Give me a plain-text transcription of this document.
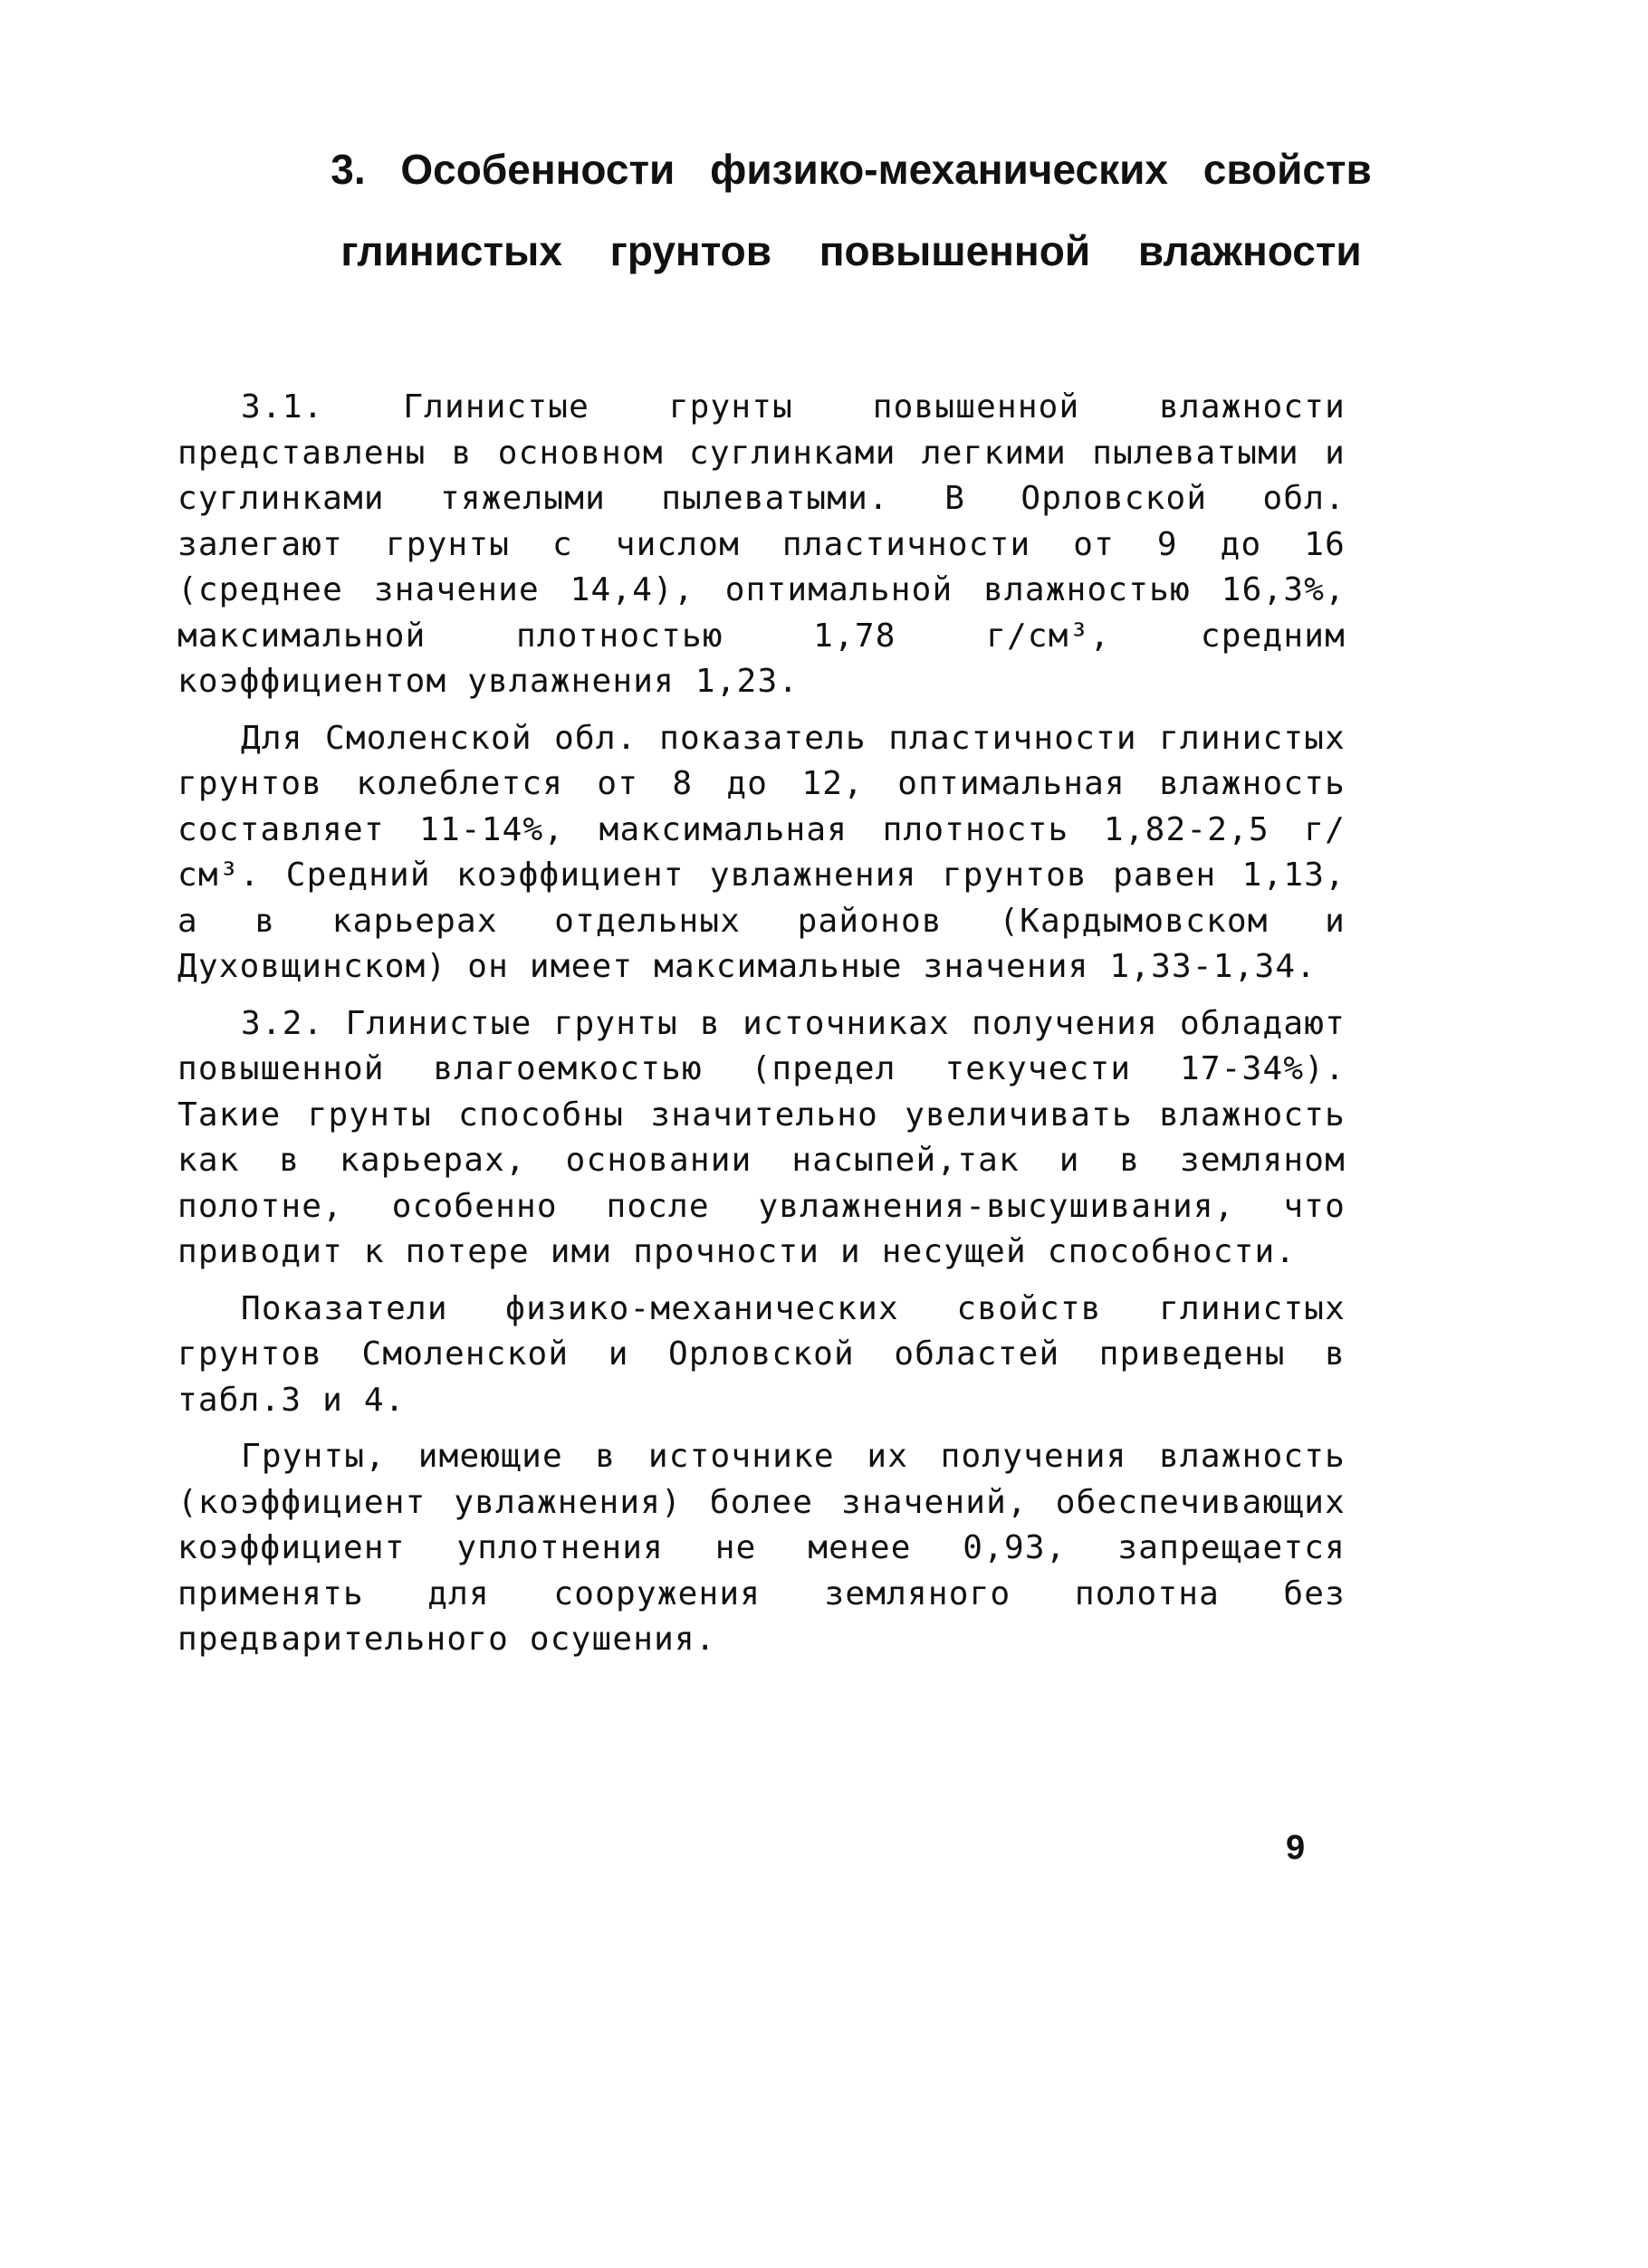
3. Особенности физико-механических свойств
глинистых грунтов повышенной влажности

3.1. Глинистые грунты повышенной влажности представлены в основном суглинками легкими пылеватыми и суглинками тяжелыми пылеватыми. В Орловской обл. залегают грунты с числом пластичности от 9 до 16 (среднее значение 14,4), оптимальной влажностью 16,3%, максимальной плотностью 1,78 г/см³, средним коэффициентом увлажнения 1,23.

Для Смоленской обл. показатель пластичности глинистых грунтов колеблется от 8 до 12, оптимальная влажность составляет 11-14%, максимальная плотность 1,82-2,5 г/см³. Средний коэффициент увлажнения грунтов равен 1,13, а в карьерах отдельных районов (Кардымовском и Духовщинском) он имеет максимальные значения 1,33-1,34.

3.2. Глинистые грунты в источниках получения обладают повышенной влагоемкостью (предел текучести 17-34%). Такие грунты способны значительно увеличивать влажность как в карьерах, основании насыпей,так и в земляном полотне, особенно после увлажнения-высушивания, что приводит к потере ими прочности и несущей способности.

Показатели физико-механических свойств глинистых грунтов Смоленской и Орловской областей приведены в табл.3 и 4.

Грунты, имеющие в источнике их получения влажность (коэффициент увлажнения) более значений, обеспечивающих коэффициент уплотнения не менее 0,93, запрещается применять для сооружения земляного полотна без предварительного осушения.

9
